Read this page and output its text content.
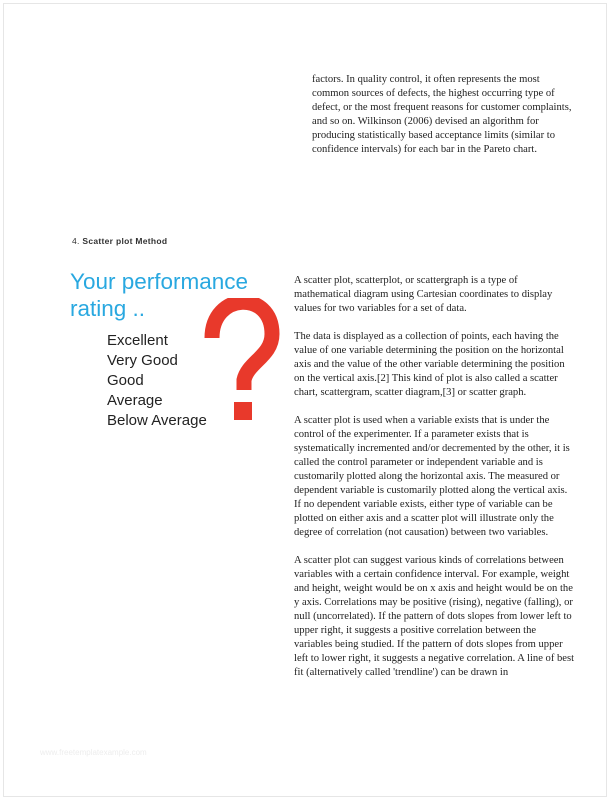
factors. In quality control, it often represents the most common sources of defects, the highest occurring type of defect, or the most frequent reasons for customer complaints, and so on. Wilkinson (2006) devised an algorithm for producing statistically based acceptance limits (similar to confidence intervals) for each bar in the Pareto chart.

4. Scatter plot Method

Your performance
rating ..
Excellent
Very Good
Good
Average
Below Average

A scatter plot, scatterplot, or scattergraph is a type of mathematical diagram using Cartesian coordinates to display values for two variables for a set of data.

The data is displayed as a collection of points, each having the value of one variable determining the position on the horizontal axis and the value of the other variable determining the position on the vertical axis.[2] This kind of plot is also called a scatter chart, scattergram, scatter diagram,[3] or scatter graph.

A scatter plot is used when a variable exists that is under the control of the experimenter. If a parameter exists that is systematically incremented and/or decremented by the other, it is called the control parameter or independent variable and is customarily plotted along the horizontal axis. The measured or dependent variable is customarily plotted along the vertical axis. If no dependent variable exists, either type of variable can be plotted on either axis and a scatter plot will illustrate only the degree of correlation (not causation) between two variables.

A scatter plot can suggest various kinds of correlations between variables with a certain confidence interval. For example, weight and height, weight would be on x axis and height would be on the y axis. Correlations may be positive (rising), negative (falling), or null (uncorrelated). If the pattern of dots slopes from lower left to upper right, it suggests a positive correlation between the variables being studied. If the pattern of dots slopes from upper left to lower right, it suggests a negative correlation. A line of best fit (alternatively called 'trendline') can be drawn in

www.freetemplatexample.com
